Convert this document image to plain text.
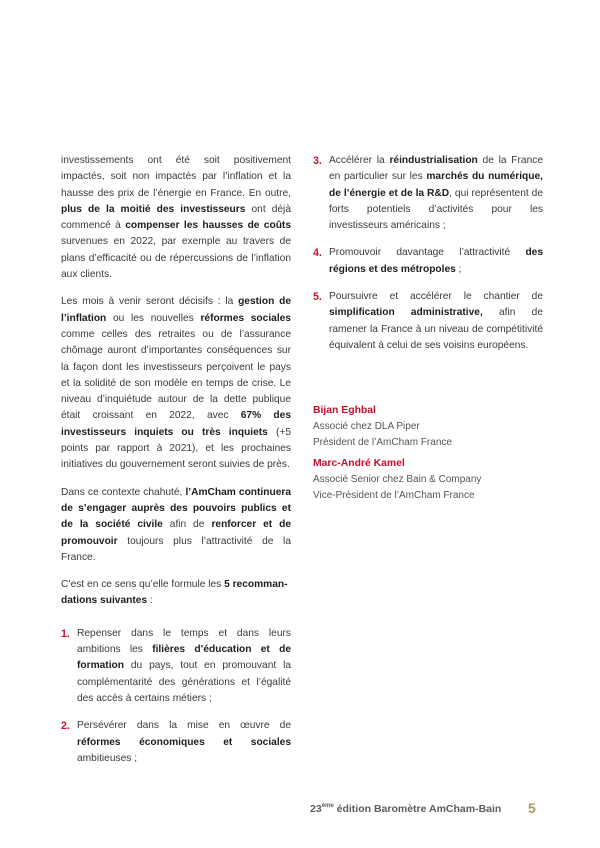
investissements ont été soit positivement impactés, soit non impactés par l’inflation et la hausse des prix de l’énergie en France. En outre, plus de la moitié des investisseurs ont déjà commencé à compenser les hausses de coûts survenues en 2022, par exemple au travers de plans d’efficacité ou de répercussions de l’inflation aux clients.

Les mois à venir seront décisifs : la gestion de l’inflation ou les nouvelles réformes sociales comme celles des retraites ou de l’assurance chômage auront d’importantes conséquences sur la façon dont les investisseurs perçoivent le pays et la solidité de son modèle en temps de crise. Le niveau d’inquiétude autour de la dette publique était croissant en 2022, avec 67% des investisseurs inquiets ou très inquiets (+5 points par rapport à 2021), et les prochaines initiatives du gouvernement seront suivies de près.

Dans ce contexte chahuté, l’AmCham continuera de s’engager auprès des pouvoirs publics et de la société civile afin de renforcer et de promouvoir toujours plus l’attractivité de la France.

C’est en ce sens qu’elle formule les 5 recomman-dations suivantes :

1. Repenser dans le temps et dans leurs ambitions les filières d’éducation et de formation du pays, tout en promouvant la complémentarité des générations et l’égalité des accès à certains métiers ;
2. Persévérer dans la mise en œuvre de réformes économiques et sociales ambitieuses ;
3. Accélérer la réindustrialisation de la France en particulier sur les marchés du numérique, de l’énergie et de la R&D, qui représentent de forts potentiels d’activités pour les investisseurs américains ;
4. Promouvoir davantage l’attractivité des régions et des métropoles ;
5. Poursuivre et accélérer le chantier de simplification administrative, afin de ramener la France à un niveau de compétitivité équivalent à celui de ses voisins européens.
Bijan Eghbal
Associé chez DLA Piper
Président de l’AmCham France
Marc-André Kamel
Associé Senior chez Bain & Company
Vice-Président de l’AmCham France
23ème édition Baromètre AmCham-Bain	5
